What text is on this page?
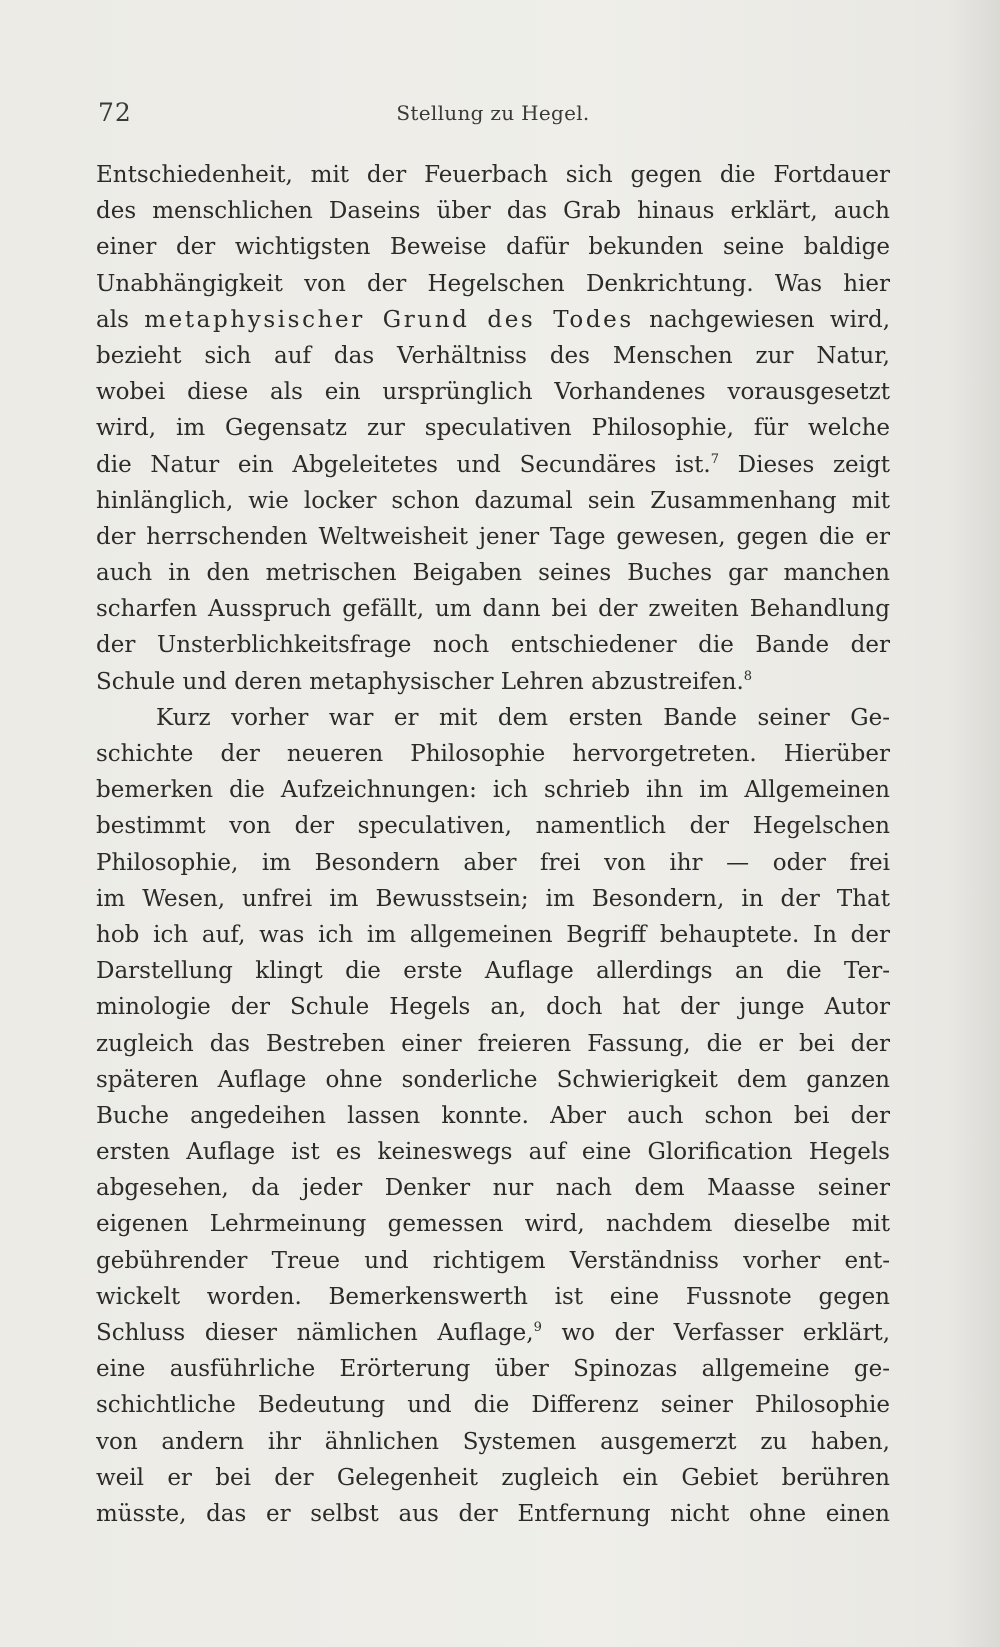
72	Stellung zu Hegel.
Entschiedenheit, mit der Feuerbach sich gegen die Fortdauer
des menschlichen Daseins über das Grab hinaus erklärt, auch
einer der wichtigsten Beweise dafür bekunden seine baldige
Unabhängigkeit von der Hegelschen Denkrichtung. Was hier
als metaphysischer Grund des Todes nachgewiesen wird,
bezieht sich auf das Verhältniss des Menschen zur Natur,
wobei diese als ein ursprünglich Vorhandenes vorausgesetzt
wird, im Gegensatz zur speculativen Philosophie, für welche
die Natur ein Abgeleitetes und Secundäres ist.$^7$ Dieses zeigt
hinlänglich, wie locker schon dazumal sein Zusammenhang mit
der herrschenden Weltweisheit jener Tage gewesen, gegen die er
auch in den metrischen Beigaben seines Buches gar manchen
scharfen Ausspruch gefällt, um dann bei der zweiten Behandlung
der Unsterblichkeitsfrage noch entschiedener die Bande der
Schule und deren metaphysischer Lehren abzustreifen.$^8$
Kurz vorher war er mit dem ersten Bande seiner Ge-
schichte der neueren Philosophie hervorgetreten. Hierüber
bemerken die Aufzeichnungen: ich schrieb ihn im Allgemeinen
bestimmt von der speculativen, namentlich der Hegelschen
Philosophie, im Besondern aber frei von ihr — oder frei
im Wesen, unfrei im Bewusstsein; im Besondern, in der That
hob ich auf, was ich im allgemeinen Begriff behauptete. In der
Darstellung klingt die erste Auflage allerdings an die Ter-
minologie der Schule Hegels an, doch hat der junge Autor
zugleich das Bestreben einer freieren Fassung, die er bei der
späteren Auflage ohne sonderliche Schwierigkeit dem ganzen
Buche angedeihen lassen konnte. Aber auch schon bei der
ersten Auflage ist es keineswegs auf eine Glorification Hegels
abgesehen, da jeder Denker nur nach dem Maasse seiner
eigenen Lehrmeinung gemessen wird, nachdem dieselbe mit
gebührender Treue und richtigem Verständniss vorher ent-
wickelt worden. Bemerkenswerth ist eine Fussnote gegen
Schluss dieser nämlichen Auflage,$^9$ wo der Verfasser erklärt,
eine ausführliche Erörterung über Spinozas allgemeine ge-
schichtliche Bedeutung und die Differenz seiner Philosophie
von andern ihr ähnlichen Systemen ausgemerzt zu haben,
weil er bei der Gelegenheit zugleich ein Gebiet berühren
müsste, das er selbst aus der Entfernung nicht ohne einen
